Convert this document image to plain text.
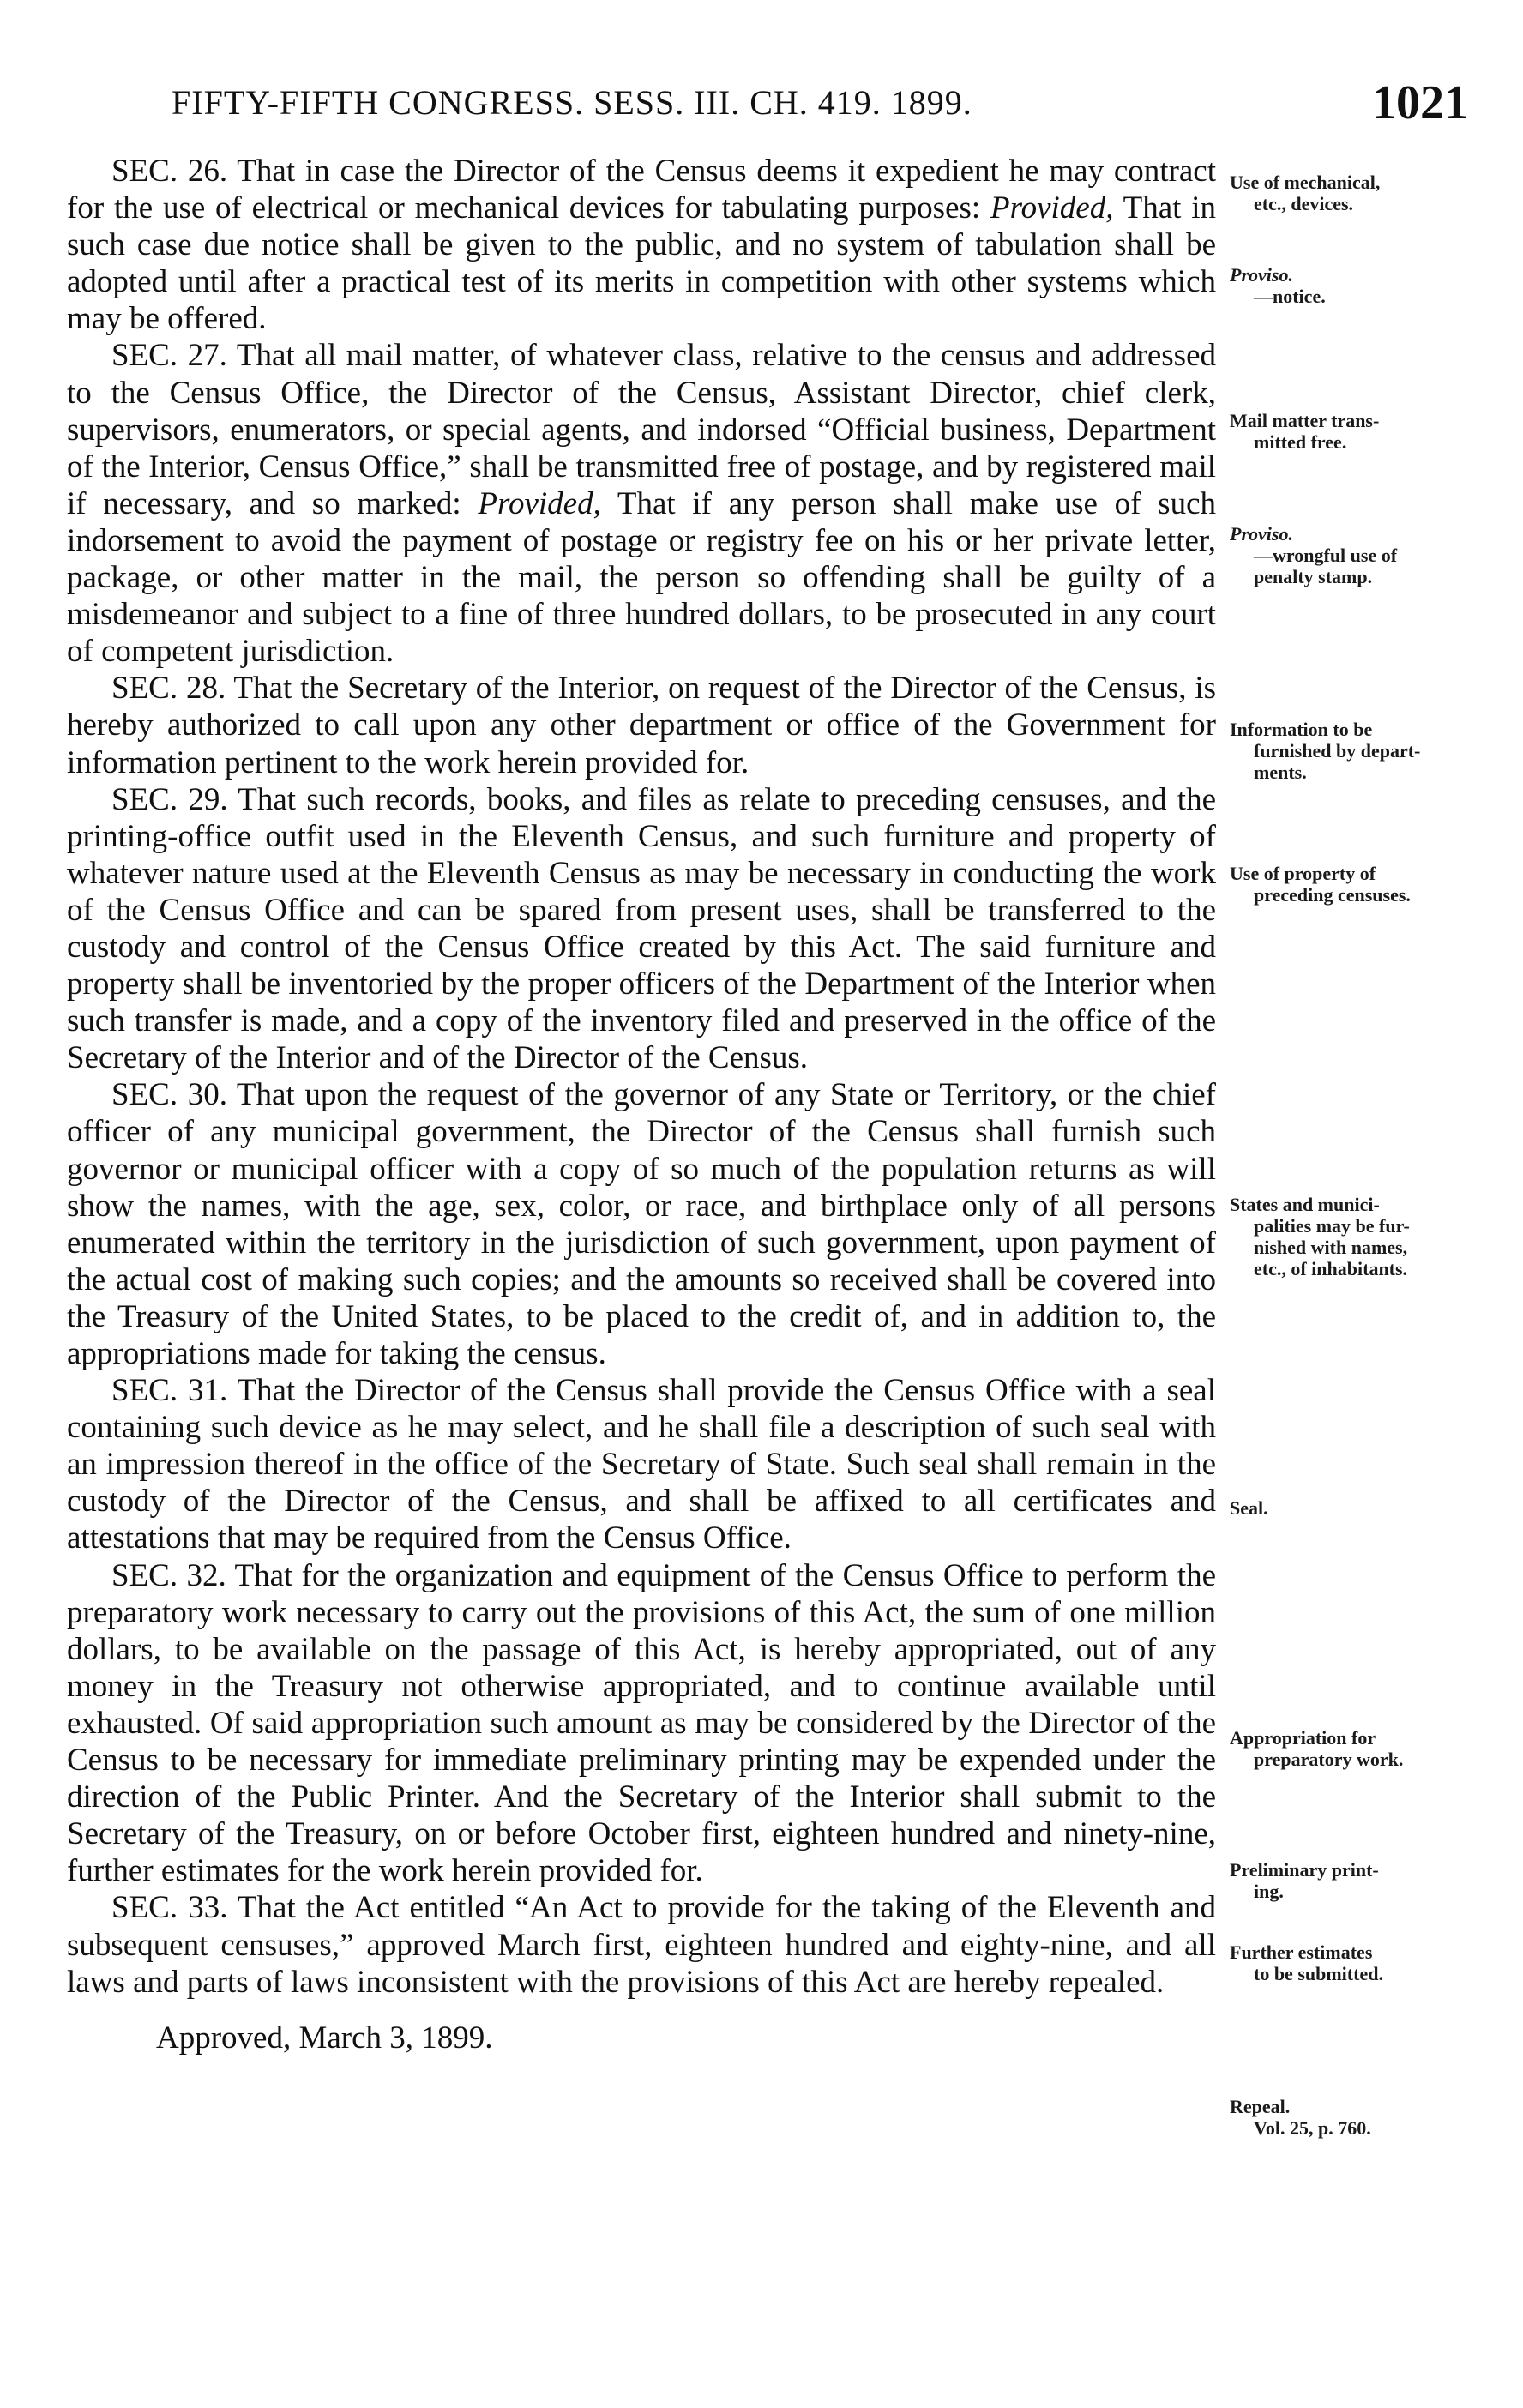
FIFTY-FIFTH CONGRESS. SESS. III. CH. 419. 1899.	1021

SEC. 26. That in case the Director of the Census deems it expedient he may contract for the use of electrical or mechanical devices for tabulating purposes: Provided, That in such case due notice shall be given to the public, and no system of tabulation shall be adopted until after a practical test of its merits in competition with other systems which may be offered.

SEC. 27. That all mail matter, of whatever class, relative to the census and addressed to the Census Office, the Director of the Census, Assistant Director, chief clerk, supervisors, enumerators, or special agents, and indorsed “Official business, Department of the Interior, Census Office,” shall be transmitted free of postage, and by registered mail if necessary, and so marked: Provided, That if any person shall make use of such indorsement to avoid the payment of postage or registry fee on his or her private letter, package, or other matter in the mail, the person so offending shall be guilty of a misdemeanor and subject to a fine of three hundred dollars, to be prosecuted in any court of competent jurisdiction.

SEC. 28. That the Secretary of the Interior, on request of the Director of the Census, is hereby authorized to call upon any other department or office of the Government for information pertinent to the work herein provided for.

SEC. 29. That such records, books, and files as relate to preceding censuses, and the printing-office outfit used in the Eleventh Census, and such furniture and property of whatever nature used at the Eleventh Census as may be necessary in conducting the work of the Census Office and can be spared from present uses, shall be transferred to the custody and control of the Census Office created by this Act. The said furniture and property shall be inventoried by the proper officers of the Department of the Interior when such transfer is made, and a copy of the inventory filed and preserved in the office of the Secretary of the Interior and of the Director of the Census.

SEC. 30. That upon the request of the governor of any State or Territory, or the chief officer of any municipal government, the Director of the Census shall furnish such governor or municipal officer with a copy of so much of the population returns as will show the names, with the age, sex, color, or race, and birthplace only of all persons enumerated within the territory in the jurisdiction of such government, upon payment of the actual cost of making such copies; and the amounts so received shall be covered into the Treasury of the United States, to be placed to the credit of, and in addition to, the appropriations made for taking the census.

SEC. 31. That the Director of the Census shall provide the Census Office with a seal containing such device as he may select, and he shall file a description of such seal with an impression thereof in the office of the Secretary of State. Such seal shall remain in the custody of the Director of the Census, and shall be affixed to all certificates and attestations that may be required from the Census Office.

SEC. 32. That for the organization and equipment of the Census Office to perform the preparatory work necessary to carry out the provisions of this Act, the sum of one million dollars, to be available on the passage of this Act, is hereby appropriated, out of any money in the Treasury not otherwise appropriated, and to continue available until exhausted. Of said appropriation such amount as may be considered by the Director of the Census to be necessary for immediate preliminary printing may be expended under the direction of the Public Printer. And the Secretary of the Interior shall submit to the Secretary of the Treasury, on or before October first, eighteen hundred and ninety-nine, further estimates for the work herein provided for.

SEC. 33. That the Act entitled “An Act to provide for the taking of the Eleventh and subsequent censuses,” approved March first, eighteen hundred and eighty-nine, and all laws and parts of laws inconsistent with the provisions of this Act are hereby repealed.

Approved, March 3, 1899.

Use of mechanical,
etc., devices.
Proviso.
—notice.
Mail matter trans-
mitted free.
Proviso.
—wrongful use of
penalty stamp.
Information to be
furnished by depart-
ments.
Use of property of
preceding censuses.
States and munici-
palities may be fur-
nished with names,
etc., of inhabitants.
Seal.
Appropriation for
preparatory work.
Preliminary print-
ing.
Further estimates
to be submitted.
Repeal.
Vol. 25, p. 760.
